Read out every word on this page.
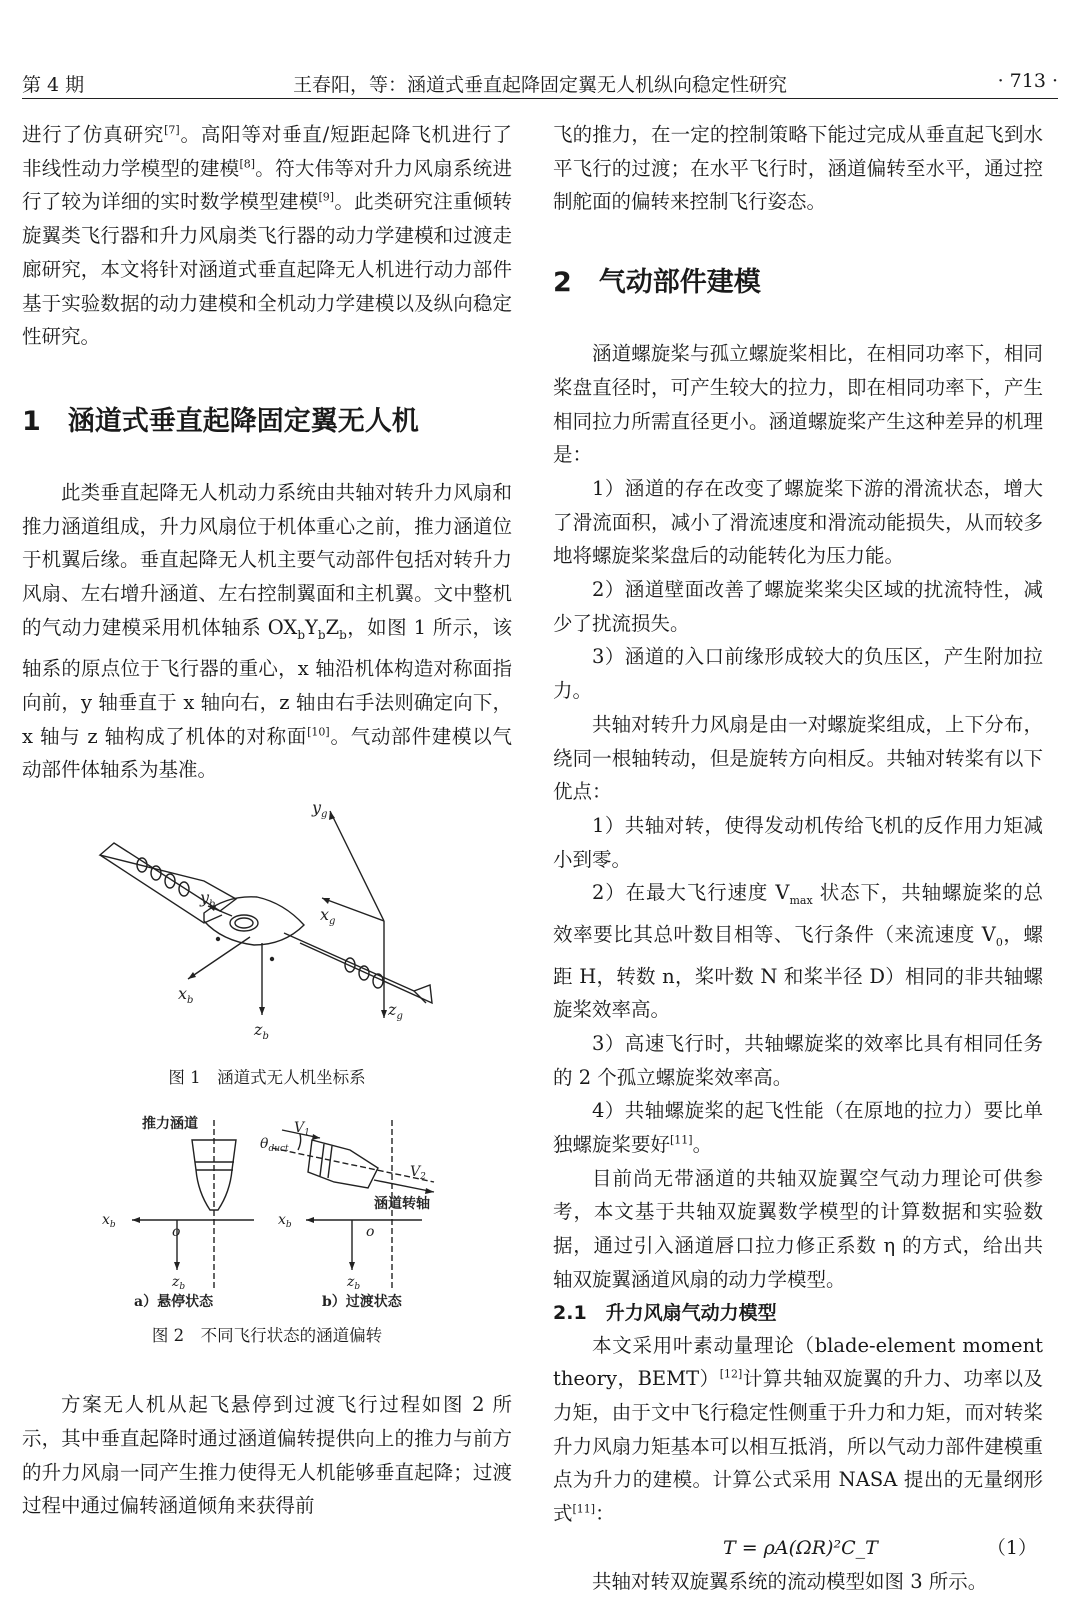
第 4 期	王春阳，等：涵道式垂直起降固定翼无人机纵向稳定性研究	· 713 ·

进行了仿真研究[7]。高阳等对垂直/短距起降飞机进行了非线性动力学模型的建模[8]。符大伟等对升力风扇系统进行了较为详细的实时数学模型建模[9]。此类研究注重倾转旋翼类飞行器和升力风扇类飞行器的动力学建模和过渡走廊研究，本文将针对涵道式垂直起降无人机进行动力部件基于实验数据的动力建模和全机动力学建模以及纵向稳定性研究。

1　涵道式垂直起降固定翼无人机

此类垂直起降无人机动力系统由共轴对转升力风扇和推力涵道组成，升力风扇位于机体重心之前，推力涵道位于机翼后缘。垂直起降无人机主要气动部件包括对转升力风扇、左右增升涵道、左右控制翼面和主机翼。文中整机的气动力建模采用机体轴系 $OX_bY_bZ_b$，如图 1 所示，该轴系的原点位于飞行器的重心，x 轴沿机体构造对称面指向前，y 轴垂直于 x 轴向右，z 轴由右手法则确定向下，x 轴与 z 轴构成了机体的对称面[10]。气动部件建模以气动部件体轴系为基准。

$y_g$
$x_g$
$z_g$
$y_b$
$x_b$
$z_b$
图 1　涵道式无人机坐标系
推力涵道
涵道转轴
$V_1$
$V_2$
$\theta_{duct}$
$x_b$	o
$z_b$
$x_b$	o
$z_b$
a）悬停状态	b）过渡状态
图 2　不同飞行状态的涵道偏转

方案无人机从起飞悬停到过渡飞行过程如图 2 所示，其中垂直起降时通过涵道偏转提供向上的推力与前方的升力风扇一同产生推力使得无人机能够垂直起降；过渡过程中通过偏转涵道倾角来获得前

飞的推力，在一定的控制策略下能过完成从垂直起飞到水平飞行的过渡；在水平飞行时，涵道偏转至水平，通过控制舵面的偏转来控制飞行姿态。

2　气动部件建模

涵道螺旋桨与孤立螺旋桨相比，在相同功率下，相同桨盘直径时，可产生较大的拉力，即在相同功率下，产生相同拉力所需直径更小。涵道螺旋桨产生这种差异的机理是：

1）涵道的存在改变了螺旋桨下游的滑流状态，增大了滑流面积，减小了滑流速度和滑流动能损失，从而较多地将螺旋桨桨盘后的动能转化为压力能。

2）涵道壁面改善了螺旋桨桨尖区域的扰流特性，减少了扰流损失。

3）涵道的入口前缘形成较大的负压区，产生附加拉力。

共轴对转升力风扇是由一对螺旋桨组成，上下分布，绕同一根轴转动，但是旋转方向相反。共轴对转桨有以下优点：

1）共轴对转，使得发动机传给飞机的反作用力矩减小到零。

2）在最大飞行速度 $V_{max}$ 状态下，共轴螺旋桨的总效率要比其总叶数目相等、飞行条件（来流速度 $V_0$，螺距 H，转数 n，桨叶数 N 和桨半径 D）相同的非共轴螺旋桨效率高。

3）高速飞行时，共轴螺旋桨的效率比具有相同任务的 2 个孤立螺旋桨效率高。

4）共轴螺旋桨的起飞性能（在原地的拉力）要比单独螺旋桨要好[11]。

目前尚无带涵道的共轴双旋翼空气动力理论可供参考，本文基于共轴双旋翼数学模型的计算数据和实验数据，通过引入涵道唇口拉力修正系数 η 的方式，给出共轴双旋翼涵道风扇的动力学模型。

2.1　升力风扇气动力模型

本文采用叶素动量理论（blade-element moment theory，BEMT）[12]计算共轴双旋翼的升力、功率以及力矩，由于文中飞行稳定性侧重于升力和力矩，而对转桨升力风扇力矩基本可以相互抵消，所以气动力部件建模重点为升力的建模。计算公式采用 NASA 提出的无量纲形式[11]：

T = ρA(ΩR)²C_T	（1）

共轴对转双旋翼系统的流动模型如图 3 所示。
